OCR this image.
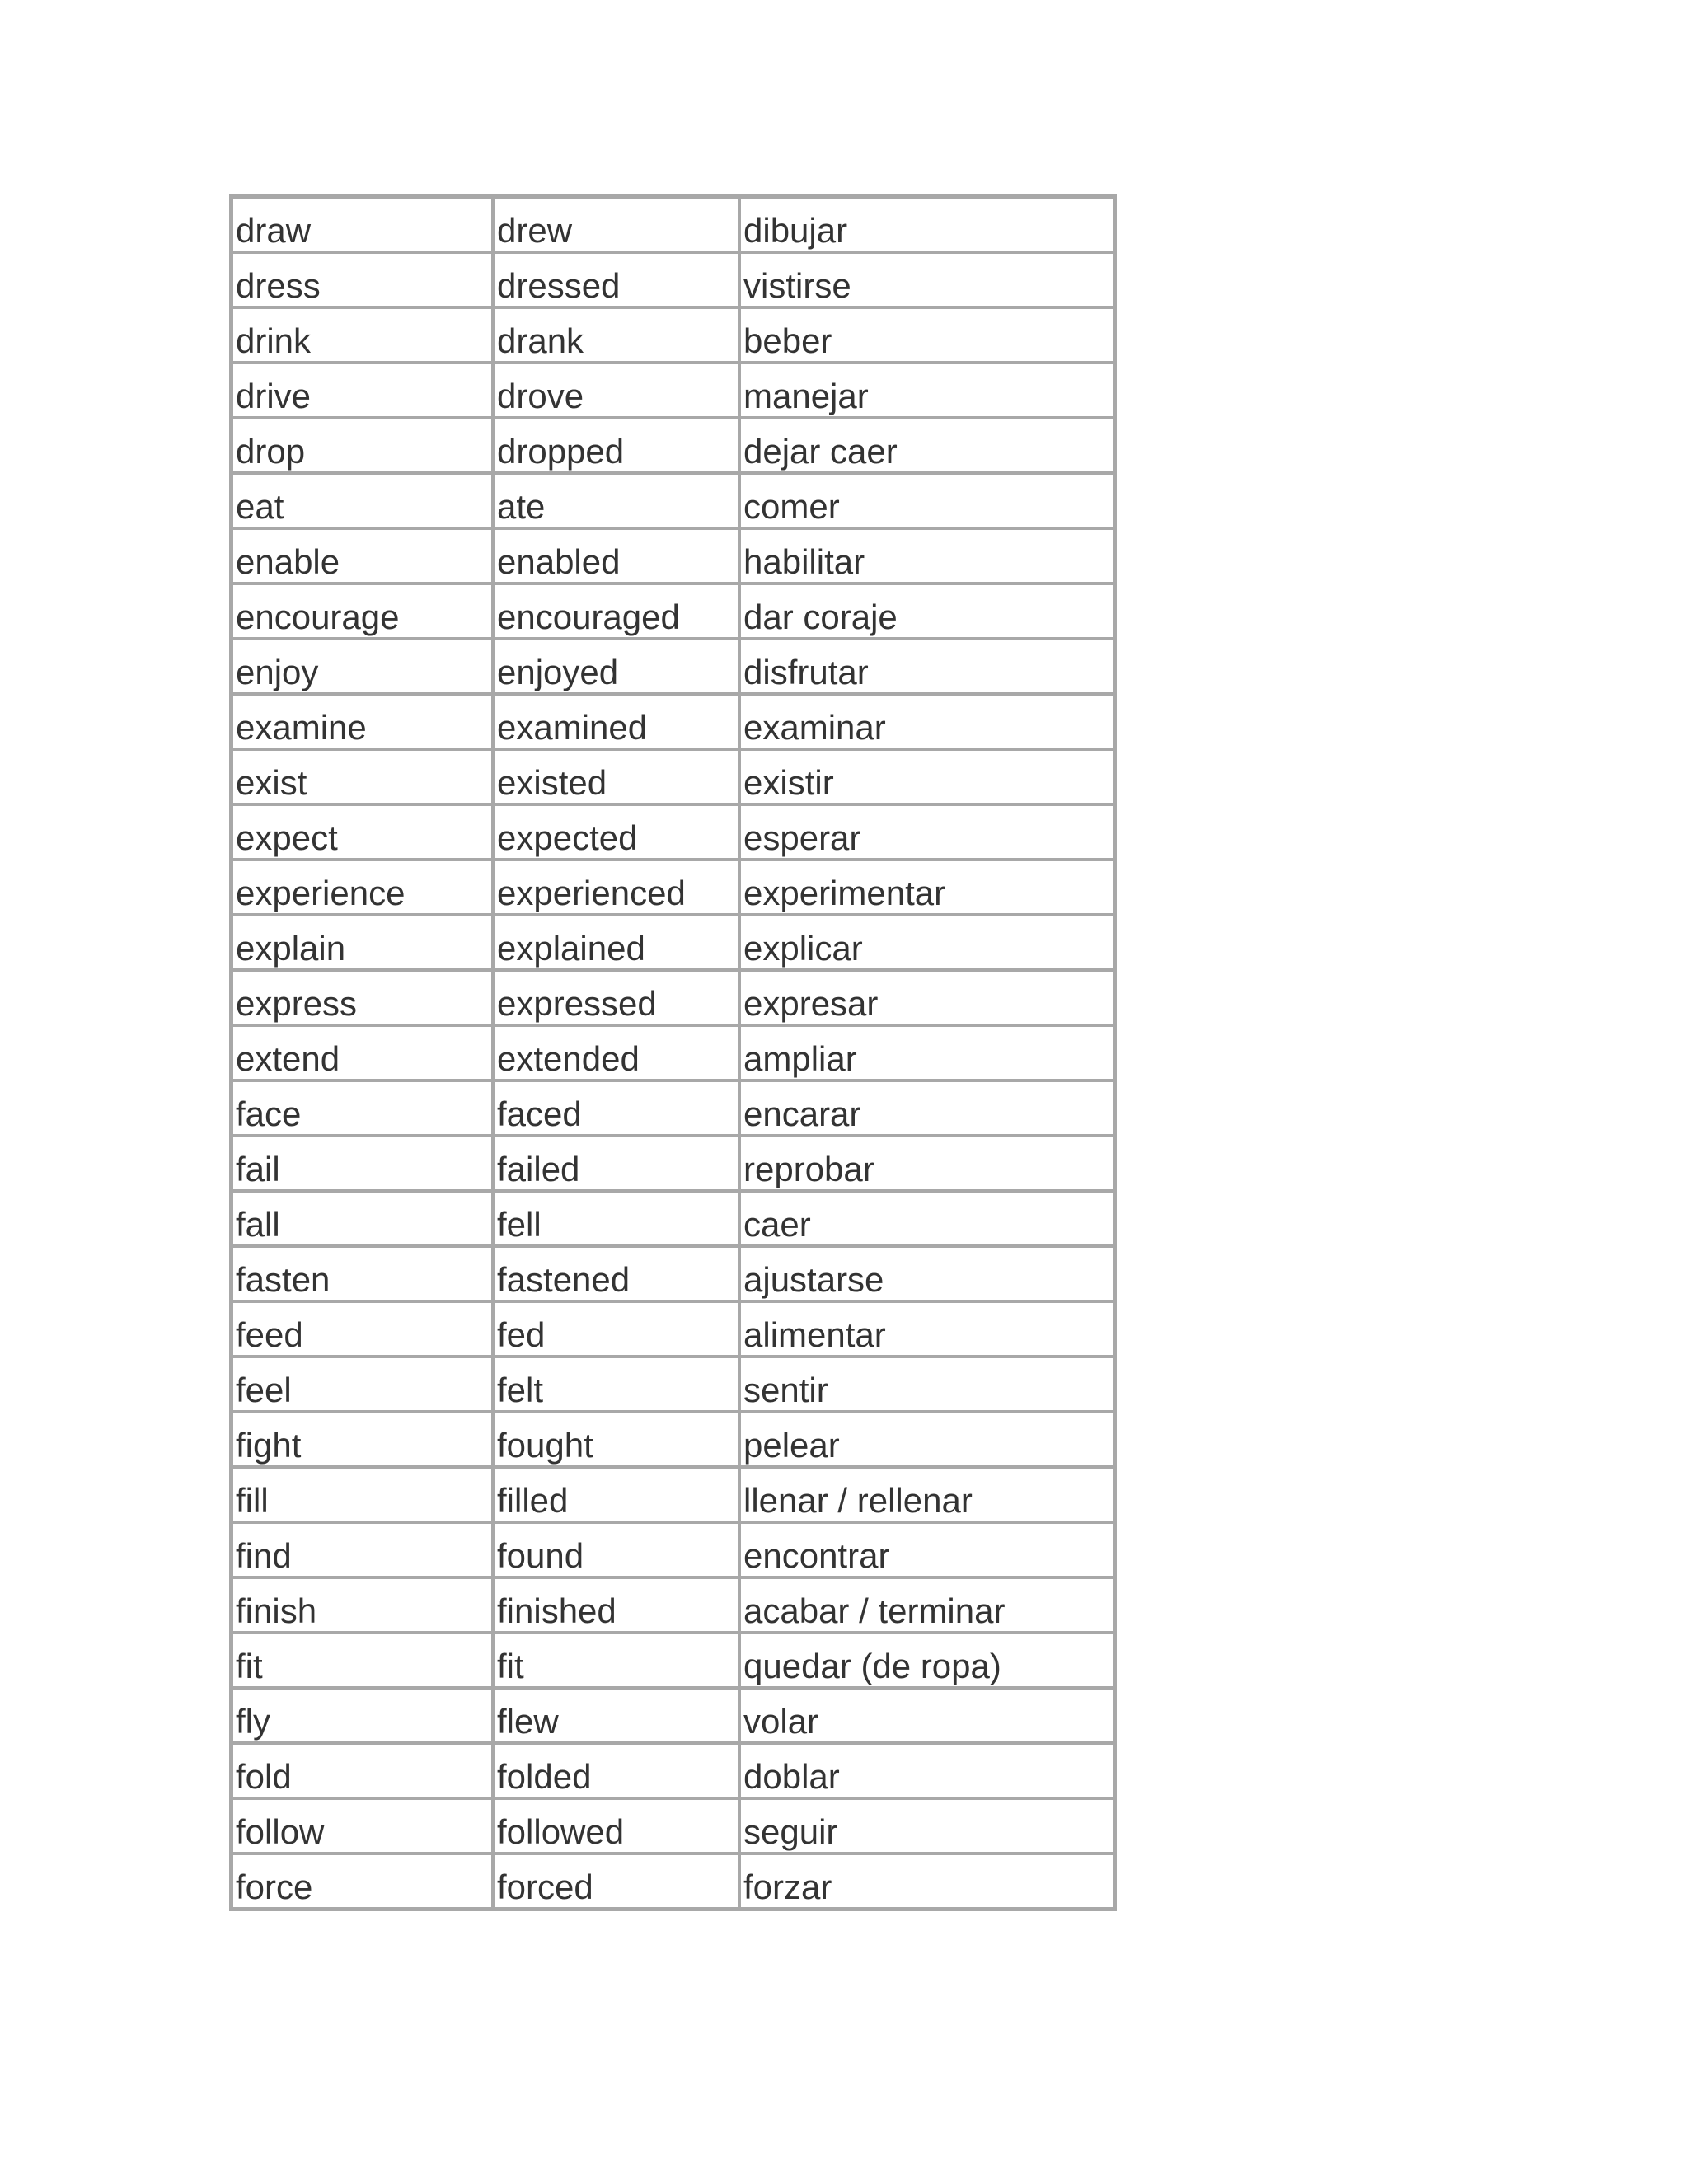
draw	drew	dibujar
dress	dressed	vistirse
drink	drank	beber
drive	drove	manejar
drop	dropped	dejar caer
eat	ate	comer
enable	enabled	habilitar
encourage	encouraged	dar coraje
enjoy	enjoyed	disfrutar
examine	examined	examinar
exist	existed	existir
expect	expected	esperar
experience	experienced	experimentar
explain	explained	explicar
express	expressed	expresar
extend	extended	ampliar
face	faced	encarar
fail	failed	reprobar
fall	fell	caer
fasten	fastened	ajustarse
feed	fed	alimentar
feel	felt	sentir
fight	fought	pelear
fill	filled	llenar / rellenar
find	found	encontrar
finish	finished	acabar / terminar
fit	fit	quedar (de ropa)
fly	flew	volar
fold	folded	doblar
follow	followed	seguir
force	forced	forzar
